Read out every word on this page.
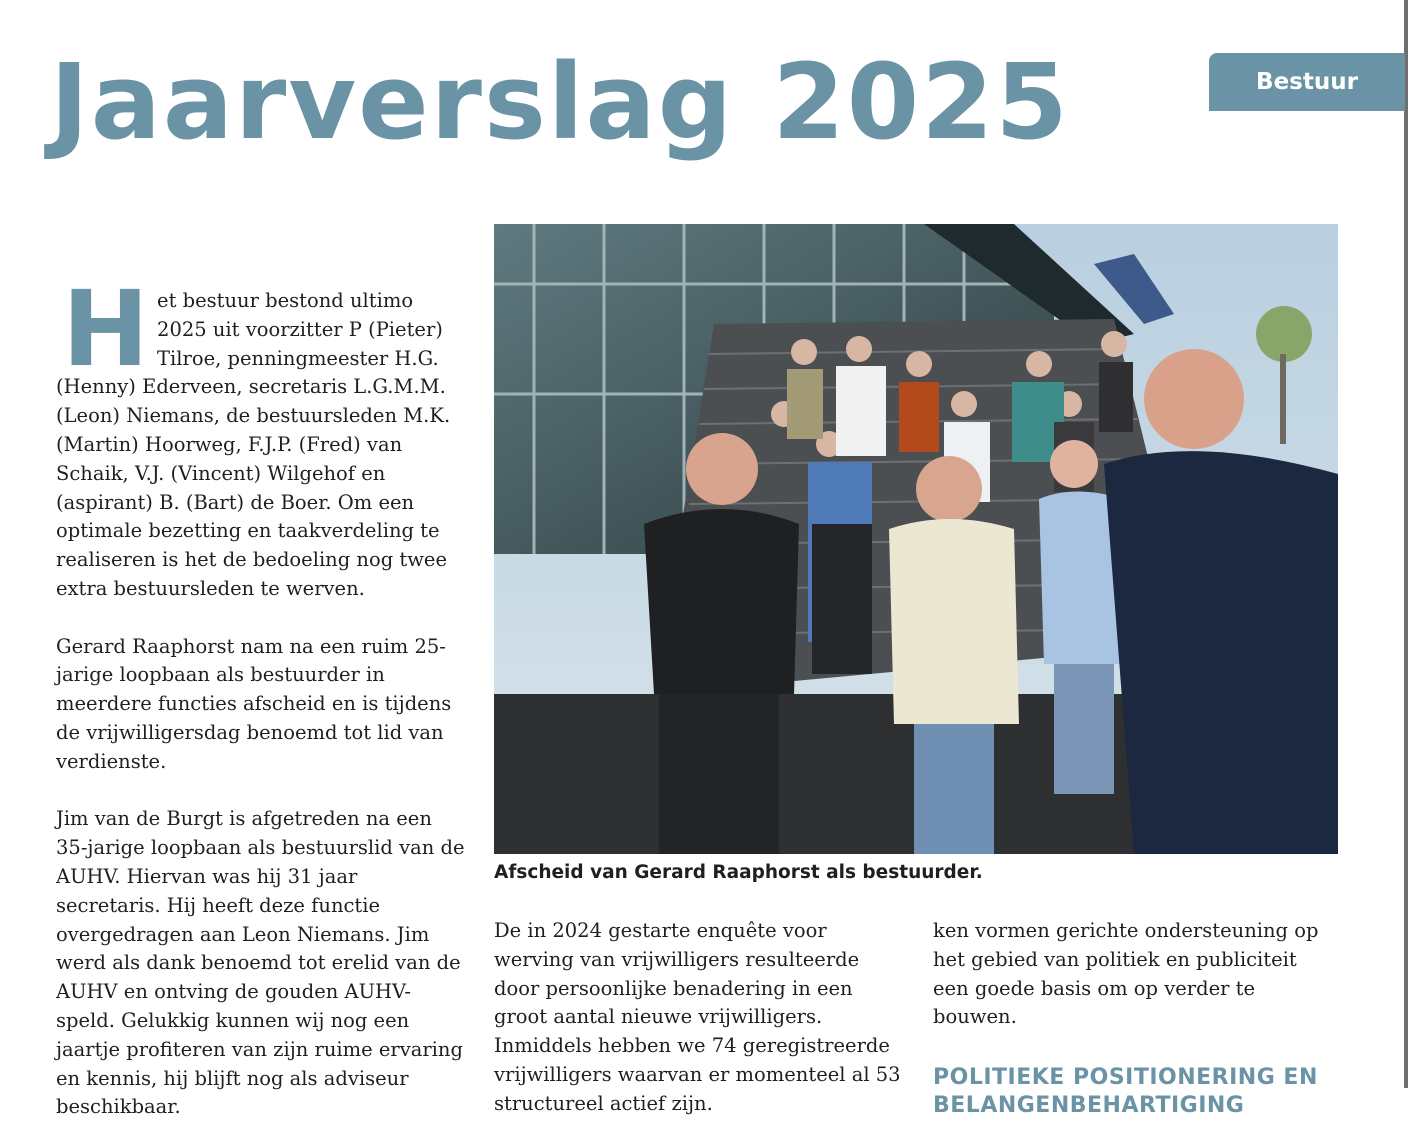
Jaarverslag 2025	Bestuur

Het bestuur bestond ultimo 2025 uit voorzitter P (Pieter) Tilroe, penningmeester H.G. (Henny) Ederveen, secretaris L.G.M.M. (Leon) Niemans, de bestuursleden M.K. (Martin) Hoorweg, F.J.P. (Fred) van Schaik, V.J. (Vincent) Wilgehof en (aspirant) B. (Bart) de Boer. Om een optimale bezetting en taakverdeling te realiseren is het de bedoeling nog twee extra bestuursleden te werven.

Gerard Raaphorst nam na een ruim 25-jarige loopbaan als bestuurder in meerdere functies afscheid en is tijdens de vrijwilligersdag benoemd tot lid van verdienste.

Jim van de Burgt is afgetreden na een 35-jarige loopbaan als bestuurslid van de AUHV. Hiervan was hij 31 jaar secretaris. Hij heeft deze functie overgedragen aan Leon Niemans. Jim werd als dank benoemd tot erelid van de AUHV en ontving de gouden AUHV-speld. Gelukkig kunnen wij nog een jaartje profiteren van zijn ruime ervaring en kennis, hij blijft nog als adviseur beschikbaar.

Afscheid van Gerard Raaphorst als bestuurder.

De in 2024 gestarte enquête voor werving van vrijwilligers resulteerde door persoonlijke benadering in een groot aantal nieuwe vrijwilligers. Inmiddels hebben we 74 geregistreerde vrijwilligers waarvan er momenteel al 53 structureel actief zijn.

ken vormen gerichte ondersteuning op het gebied van politiek en publiciteit een goede basis om op verder te bouwen.

POLITIEKE POSITIONERING EN BELANGENBEHARTIGING
